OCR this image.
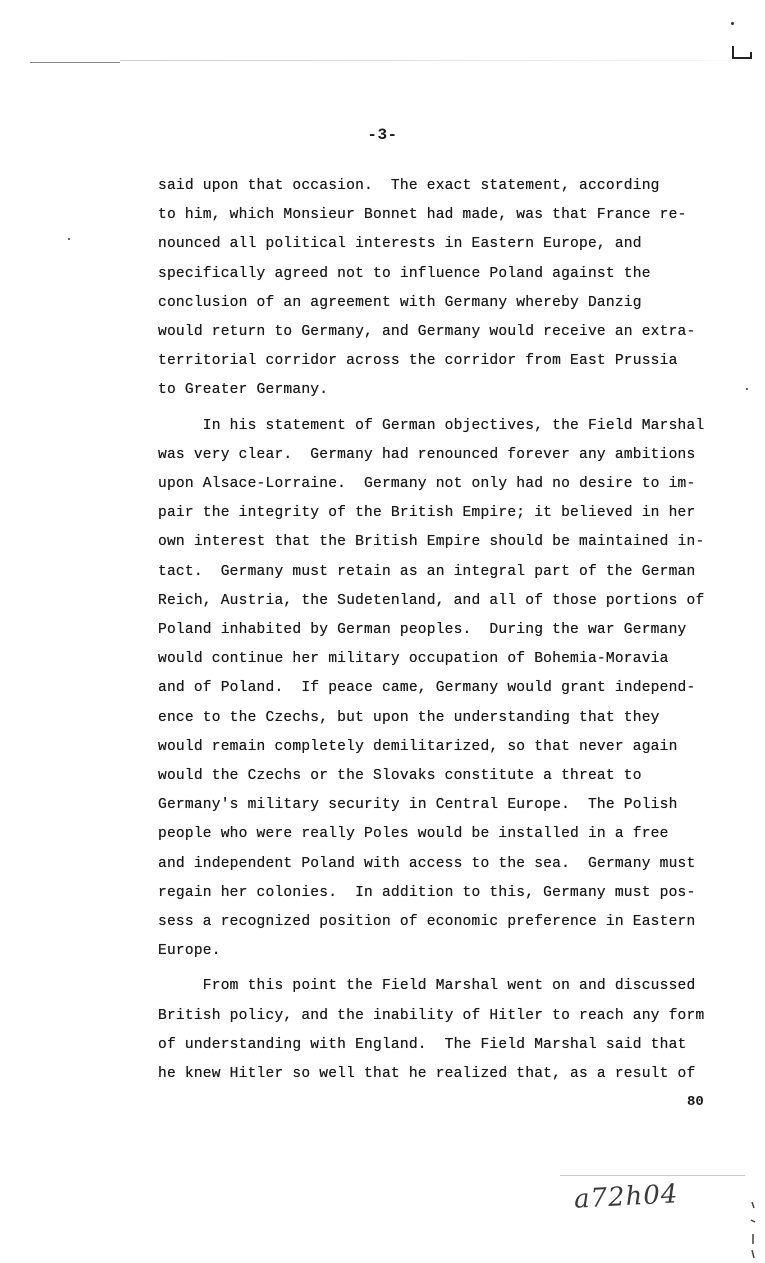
-3-
said upon that occasion.  The exact statement, according
to him, which Monsieur Bonnet had made, was that France re-
nounced all political interests in Eastern Europe, and
specifically agreed not to influence Poland against the
conclusion of an agreement with Germany whereby Danzig
would return to Germany, and Germany would receive an extra-
territorial corridor across the corridor from East Prussia
to Greater Germany.
In his statement of German objectives, the Field Marshal
was very clear.  Germany had renounced forever any ambitions
upon Alsace-Lorraine.  Germany not only had no desire to im-
pair the integrity of the British Empire; it believed in her
own interest that the British Empire should be maintained in-
tact.  Germany must retain as an integral part of the German
Reich, Austria, the Sudetenland, and all of those portions of
Poland inhabited by German peoples.  During the war Germany
would continue her military occupation of Bohemia-Moravia
and of Poland.  If peace came, Germany would grant independ-
ence to the Czechs, but upon the understanding that they
would remain completely demilitarized, so that never again
would the Czechs or the Slovaks constitute a threat to
Germany's military security in Central Europe.  The Polish
people who were really Poles would be installed in a free
and independent Poland with access to the sea.  Germany must
regain her colonies.  In addition to this, Germany must pos-
sess a recognized position of economic preference in Eastern
Europe.
From this point the Field Marshal went on and discussed
British policy, and the inability of Hitler to reach any form
of understanding with England.  The Field Marshal said that
he knew Hitler so well that he realized that, as a result of
80
a72h04
